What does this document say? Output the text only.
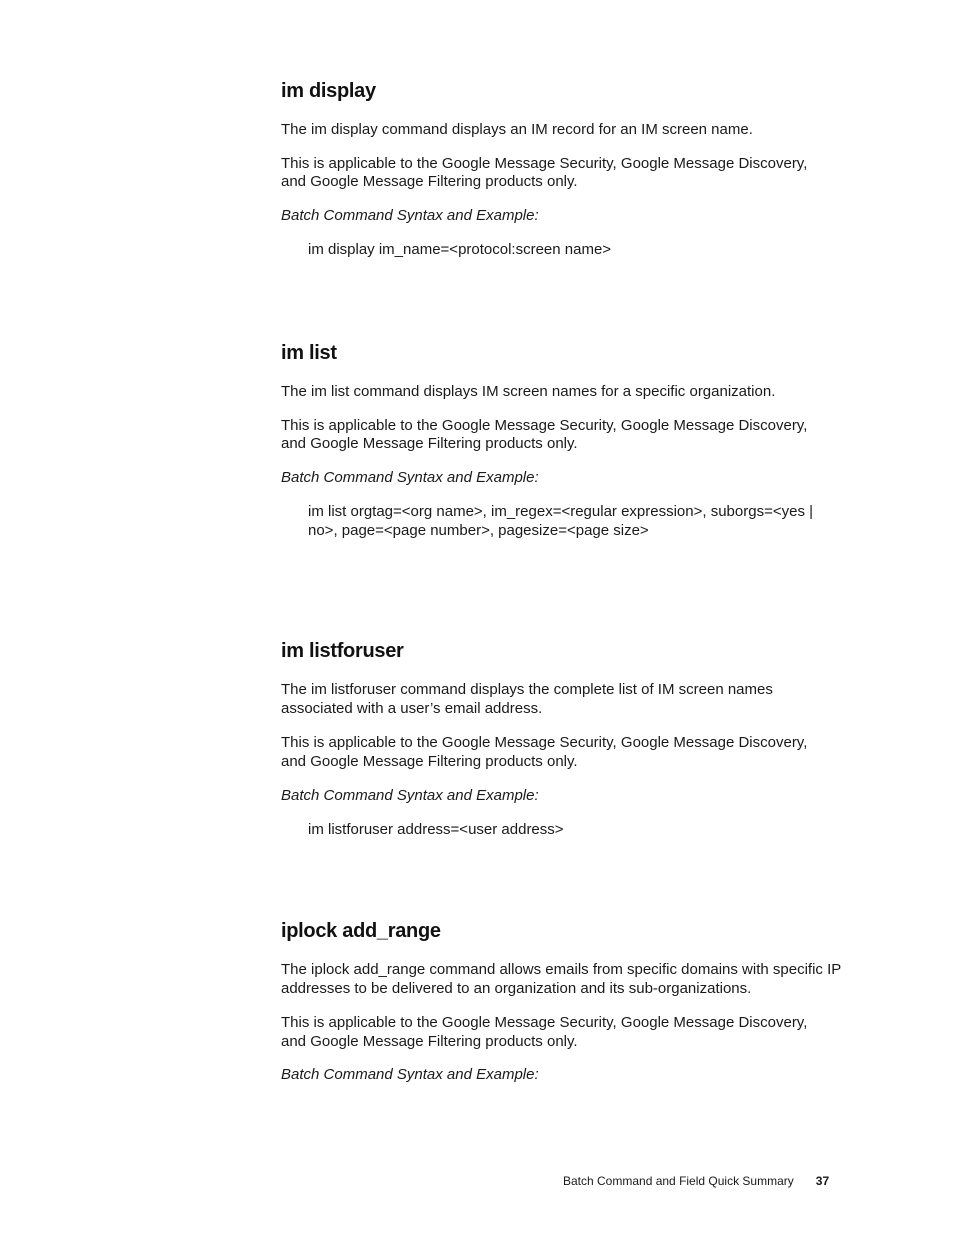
im display

The im display command displays an IM record for an IM screen name.

This is applicable to the Google Message Security, Google Message Discovery, and Google Message Filtering products only.

Batch Command Syntax and Example:

im display im_name=<protocol:screen name>

im list

The im list command displays IM screen names for a specific organization.

This is applicable to the Google Message Security, Google Message Discovery, and Google Message Filtering products only.

Batch Command Syntax and Example:

im list orgtag=<org name>, im_regex=<regular expression>, suborgs=<yes | no>, page=<page number>, pagesize=<page size>

im listforuser

The im listforuser command displays the complete list of IM screen names associated with a user’s email address.

This is applicable to the Google Message Security, Google Message Discovery, and Google Message Filtering products only.

Batch Command Syntax and Example:

im listforuser address=<user address>

iplock add_range

The iplock add_range command allows emails from specific domains with specific IP addresses to be delivered to an organization and its sub-organizations.

This is applicable to the Google Message Security, Google Message Discovery, and Google Message Filtering products only.

Batch Command Syntax and Example:

Batch Command and Field Quick Summary 37
